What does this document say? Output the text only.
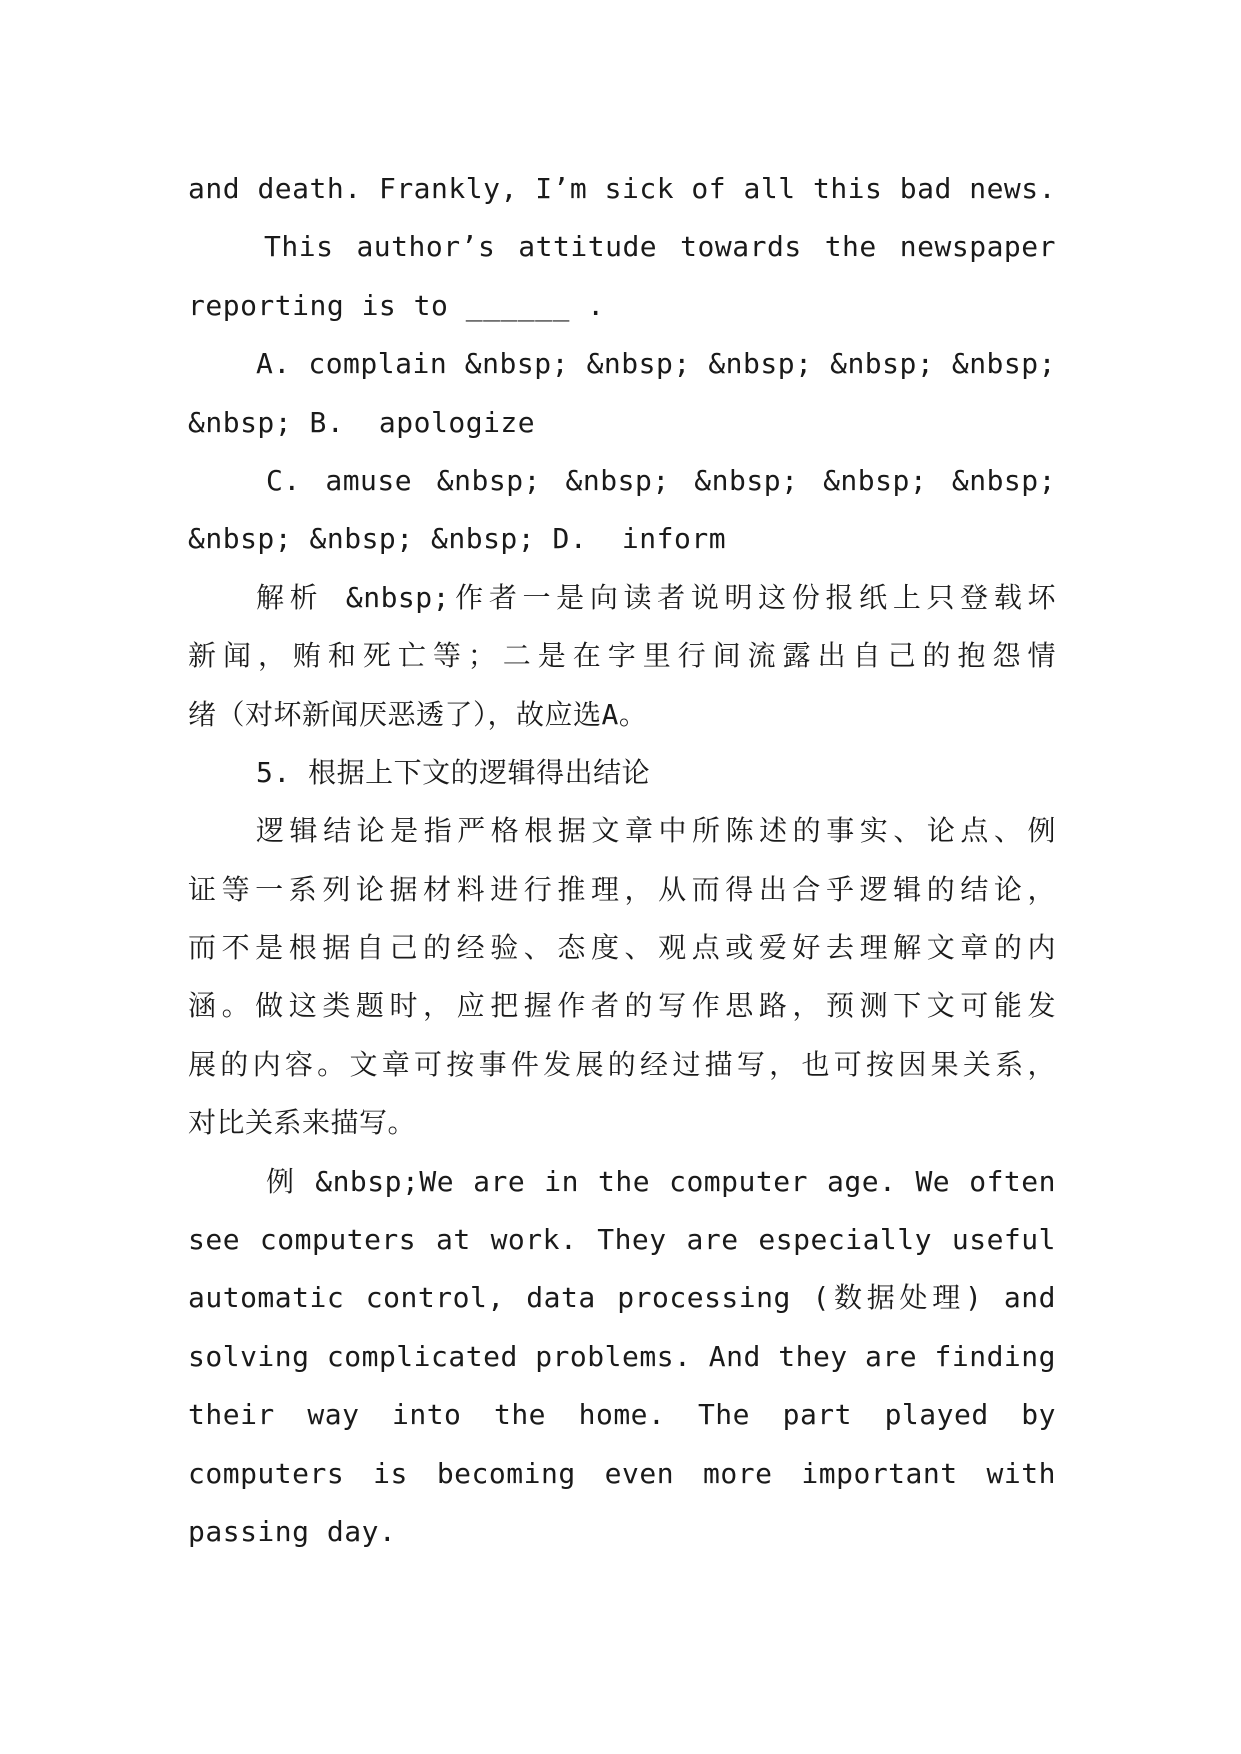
and death. Frankly, I’m sick of all this bad news.
This author’s attitude towards the newspaper
reporting is to ______ .
A. complain &nbsp; &nbsp; &nbsp; &nbsp; &nbsp;
&nbsp; B.  apologize
C. amuse &nbsp; &nbsp; &nbsp; &nbsp; &nbsp;
&nbsp; &nbsp; &nbsp; D.  inform
解析 &nbsp;作者一是向读者说明这份报纸上只登载坏
新闻，贿和死亡等；二是在字里行间流露出自己的抱怨情
绪（对坏新闻厌恶透了），故应选A。
5. 根据上下文的逻辑得出结论
逻辑结论是指严格根据文章中所陈述的事实、论点、例
证等一系列论据材料进行推理，从而得出合乎逻辑的结论，
而不是根据自己的经验、态度、观点或爱好去理解文章的内
涵。做这类题时，应把握作者的写作思路，预测下文可能发
展的内容。文章可按事件发展的经过描写，也可按因果关系，
对比关系来描写。
例 &nbsp;We are in the computer age. We often
see computers at work. They are especially useful
automatic control, data processing (数据处理) and
solving complicated problems. And they are finding
their way into the home. The part played by
computers is becoming even more important with
passing day.
